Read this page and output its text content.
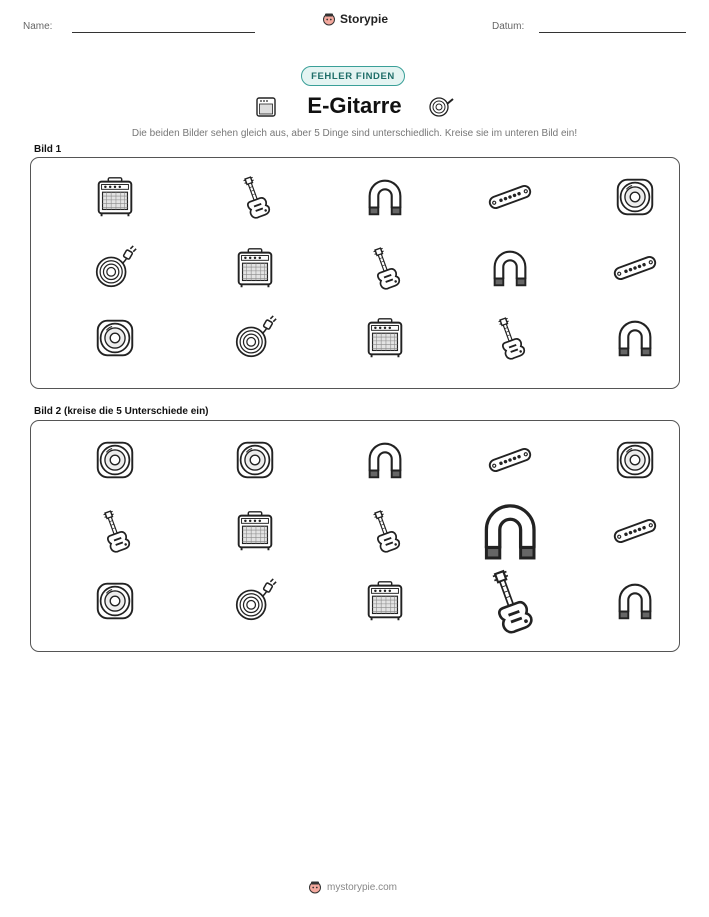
Name:
Storypie
Datum:
FEHLER FINDEN
E-Gitarre
Die beiden Bilder sehen gleich aus, aber 5 Dinge sind unterschiedlich. Kreise sie im unteren Bild ein!
Bild 1
Bild 2 (kreise die 5 Unterschiede ein)
mystorypie.com
